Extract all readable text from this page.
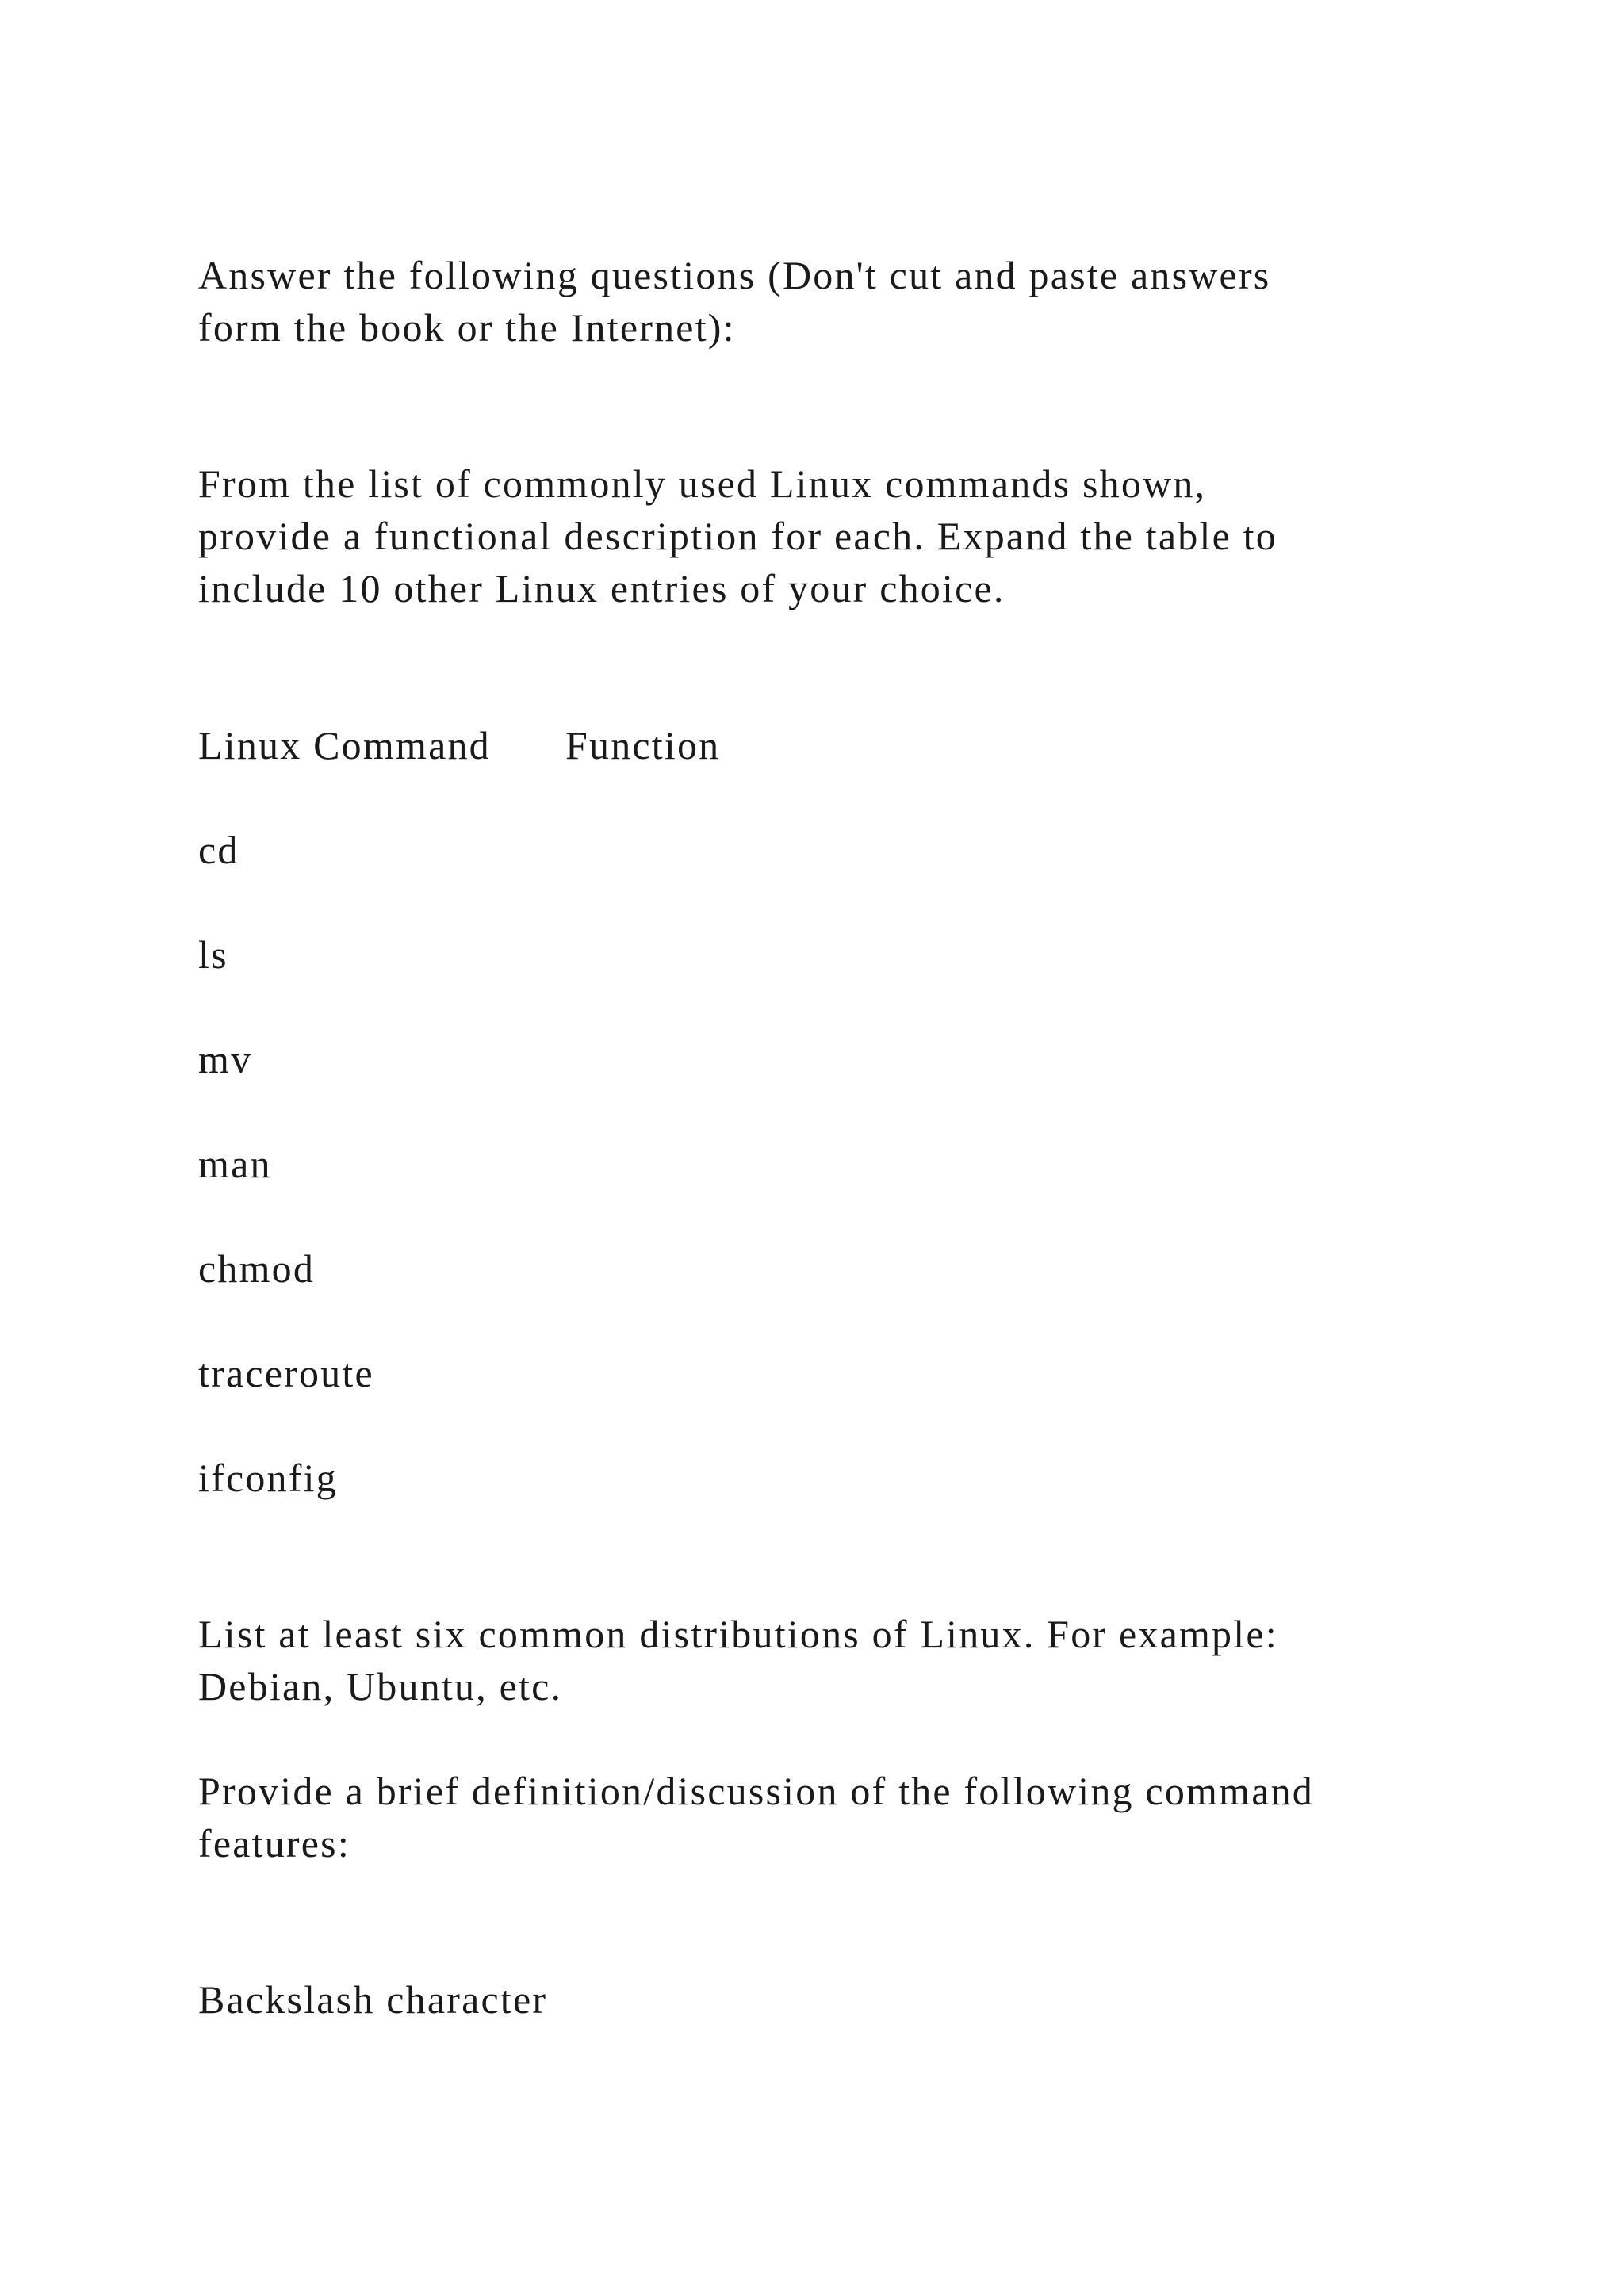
Answer the following questions (Don't cut and paste answers
form the book or the Internet):
From the list of commonly used Linux commands shown,
provide a functional description for each. Expand the table to
include 10 other Linux entries of your choice.
Linux Command Function
cd
ls
mv
man
chmod
traceroute
ifconfig
List at least six common distributions of Linux. For example:
Debian, Ubuntu, etc.
Provide a brief definition/discussion of the following command
features:
Backslash character
